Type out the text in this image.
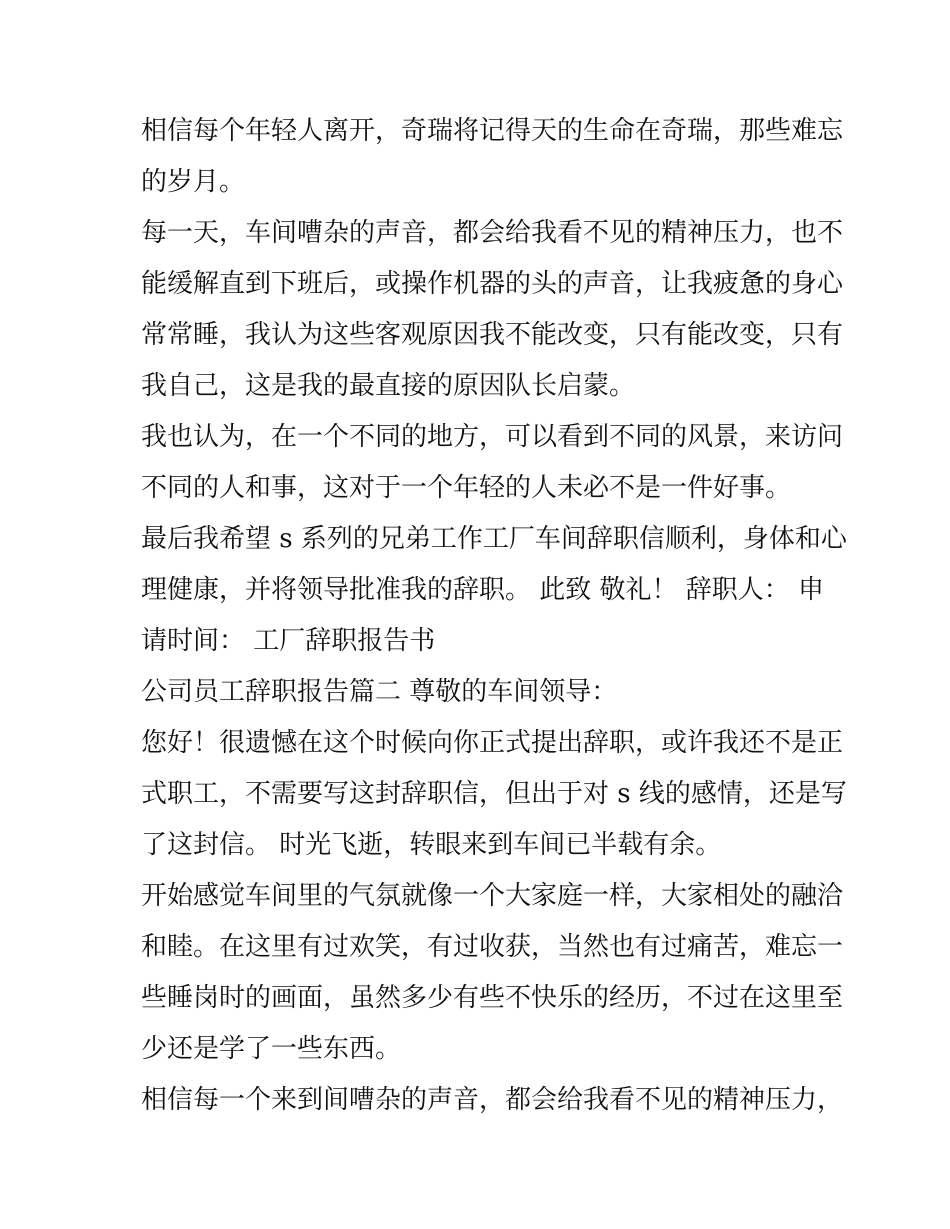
相信每个年轻人离开，奇瑞将记得天的生命在奇瑞，那些难忘
的岁月。
每一天，车间嘈杂的声音，都会给我看不见的精神压力，也不
能缓解直到下班后，或操作机器的头的声音，让我疲惫的身心
常常睡，我认为这些客观原因我不能改变，只有能改变，只有
我自己，这是我的最直接的原因队长启蒙。
我也认为，在一个不同的地方，可以看到不同的风景，来访问
不同的人和事，这对于一个年轻的人未必不是一件好事。
最后我希望 s 系列的兄弟工作工厂车间辞职信顺利，身体和心
理健康，并将领导批准我的辞职。 此致 敬礼！ 辞职人： 申
请时间： 工厂辞职报告书
公司员工辞职报告篇二 尊敬的车间领导：
您好！很遗憾在这个时候向你正式提出辞职，或许我还不是正
式职工，不需要写这封辞职信，但出于对 s 线的感情，还是写
了这封信。 时光飞逝，转眼来到车间已半载有余。
开始感觉车间里的气氛就像一个大家庭一样，大家相处的融洽
和睦。在这里有过欢笑，有过收获，当然也有过痛苦，难忘一
些睡岗时的画面，虽然多少有些不快乐的经历，不过在这里至
少还是学了一些东西。
相信每一个来到间嘈杂的声音，都会给我看不见的精神压力，
